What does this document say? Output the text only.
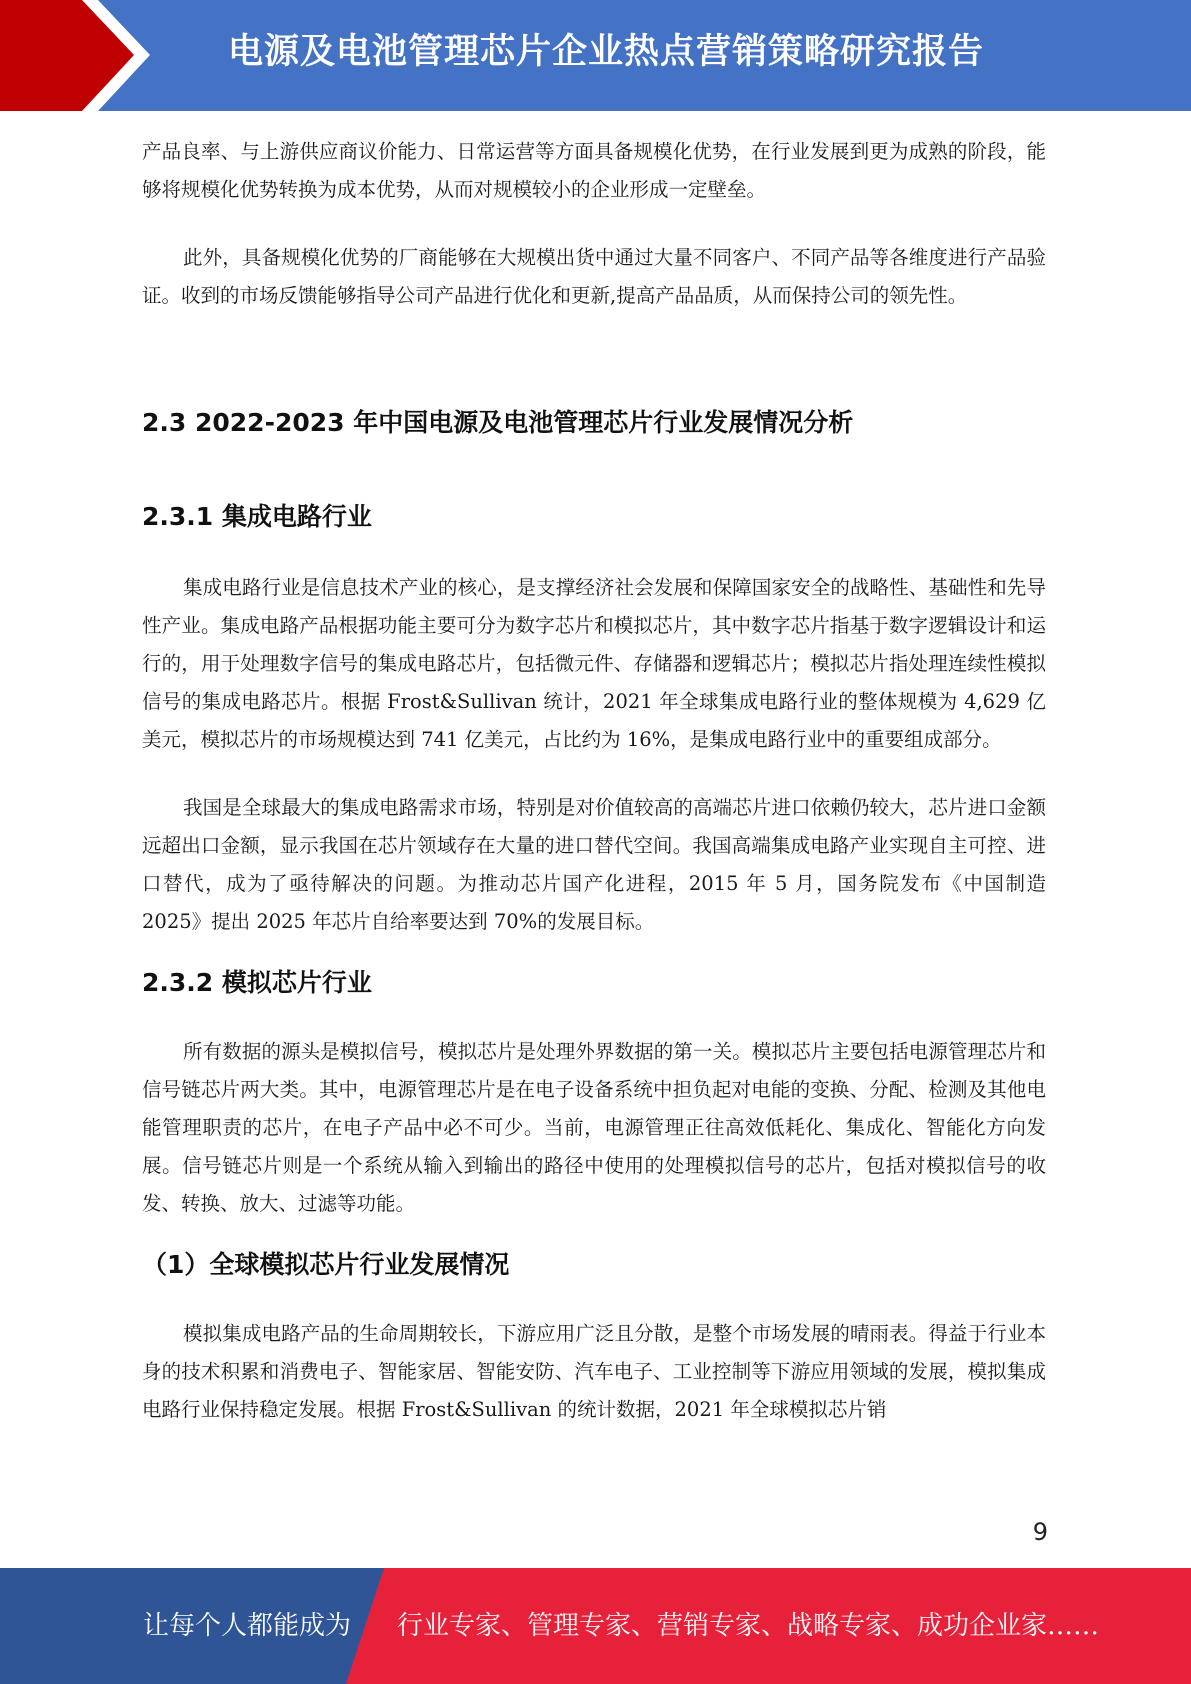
电源及电池管理芯片企业热点营销策略研究报告

产品良率、与上游供应商议价能力、日常运营等方面具备规模化优势，在行业发展到更为成熟的阶段，能够将规模化优势转换为成本优势，从而对规模较小的企业形成一定壁垒。

此外，具备规模化优势的厂商能够在大规模出货中通过大量不同客户、不同产品等各维度进行产品验证。收到的市场反馈能够指导公司产品进行优化和更新,提高产品品质，从而保持公司的领先性。

2.3 2022-2023 年中国电源及电池管理芯片行业发展情况分析
2.3.1 集成电路行业

集成电路行业是信息技术产业的核心，是支撑经济社会发展和保障国家安全的战略性、基础性和先导性产业。集成电路产品根据功能主要可分为数字芯片和模拟芯片，其中数字芯片指基于数字逻辑设计和运行的，用于处理数字信号的集成电路芯片，包括微元件、存储器和逻辑芯片；模拟芯片指处理连续性模拟信号的集成电路芯片。根据 Frost&Sullivan 统计，2021 年全球集成电路行业的整体规模为 4,629 亿美元，模拟芯片的市场规模达到 741 亿美元，占比约为 16%，是集成电路行业中的重要组成部分。

我国是全球最大的集成电路需求市场，特别是对价值较高的高端芯片进口依赖仍较大，芯片进口金额远超出口金额，显示我国在芯片领域存在大量的进口替代空间。我国高端集成电路产业实现自主可控、进口替代，成为了亟待解决的问题。为推动芯片国产化进程，2015 年 5 月，国务院发布《中国制造 2025》提出 2025 年芯片自给率要达到 70%的发展目标。

2.3.2 模拟芯片行业

所有数据的源头是模拟信号，模拟芯片是处理外界数据的第一关。模拟芯片主要包括电源管理芯片和信号链芯片两大类。其中，电源管理芯片是在电子设备系统中担负起对电能的变换、分配、检测及其他电能管理职责的芯片，在电子产品中必不可少。当前，电源管理正往高效低耗化、集成化、智能化方向发展。信号链芯片则是一个系统从输入到输出的路径中使用的处理模拟信号的芯片，包括对模拟信号的收发、转换、放大、过滤等功能。

（1）全球模拟芯片行业发展情况

模拟集成电路产品的生命周期较长，下游应用广泛且分散，是整个市场发展的晴雨表。得益于行业本身的技术积累和消费电子、智能家居、智能安防、汽车电子、工业控制等下游应用领域的发展，模拟集成电路行业保持稳定发展。根据 Frost&Sullivan 的统计数据，2021 年全球模拟芯片销

9
让每个人都能成为 行业专家、管理专家、营销专家、战略专家、成功企业家……
